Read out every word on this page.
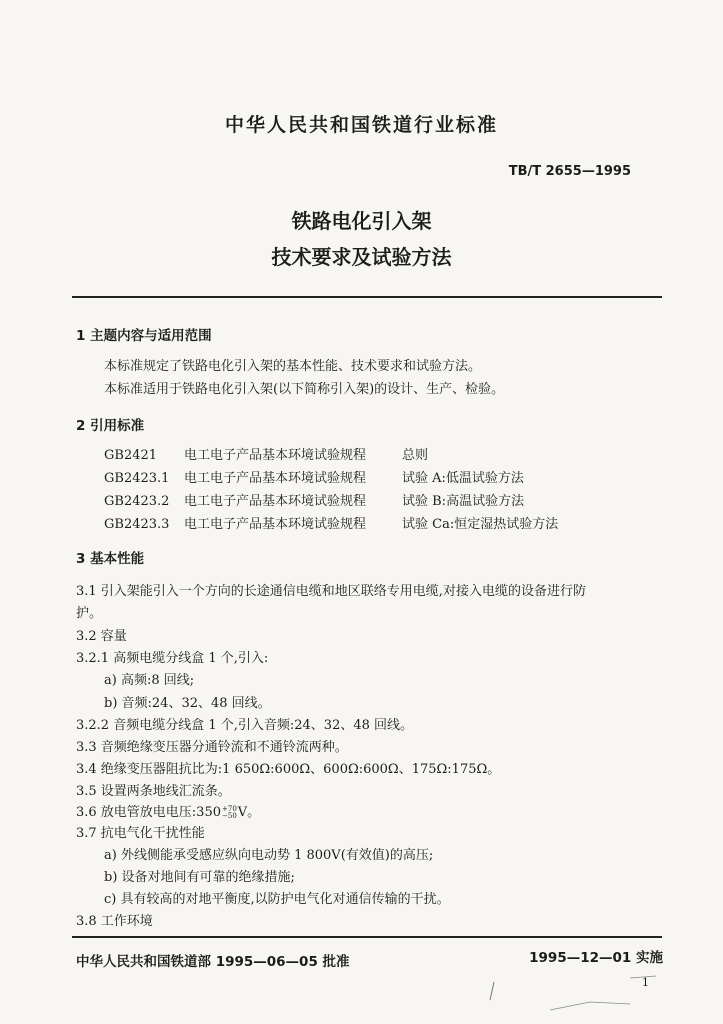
中华人民共和国铁道行业标准
TB/T 2655—1995
铁路电化引入架
技术要求及试验方法
1 主题内容与适用范围
本标准规定了铁路电化引入架的基本性能、技术要求和试验方法。
本标准适用于铁路电化引入架(以下简称引入架)的设计、生产、检验。
2 引用标准
GB2421 电工电子产品基本环境试验规程	总则
GB2423.1 电工电子产品基本环境试验规程	试验 A:低温试验方法
GB2423.2 电工电子产品基本环境试验规程	试验 B:高温试验方法
GB2423.3 电工电子产品基本环境试验规程	试验 Ca:恒定湿热试验方法
3 基本性能
3.1 引入架能引入一个方向的长途通信电缆和地区联络专用电缆,对接入电缆的设备进行防
护。
3.2 容量
3.2.1 高频电缆分线盒 1 个,引入:
a) 高频:8 回线;
b) 音频:24、32、48 回线。
3.2.2 音频电缆分线盒 1 个,引入音频:24、32、48 回线。
3.3 音频绝缘变压器分通铃流和不通铃流两种。
3.4 绝缘变压器阻抗比为:1 650Ω:600Ω、600Ω:600Ω、175Ω:175Ω。
3.5 设置两条地线汇流条。
3.6 放电管放电电压:350 +70
−50 V。
3.7 抗电气化干扰性能
a) 外线侧能承受感应纵向电动势 1 800V(有效值)的高压;
b) 设备对地间有可靠的绝缘措施;
c) 具有较高的对地平衡度,以防护电气化对通信传输的干扰。
3.8 工作环境
中华人民共和国铁道部 1995—06—05 批准	1995—12—01 实施
1
